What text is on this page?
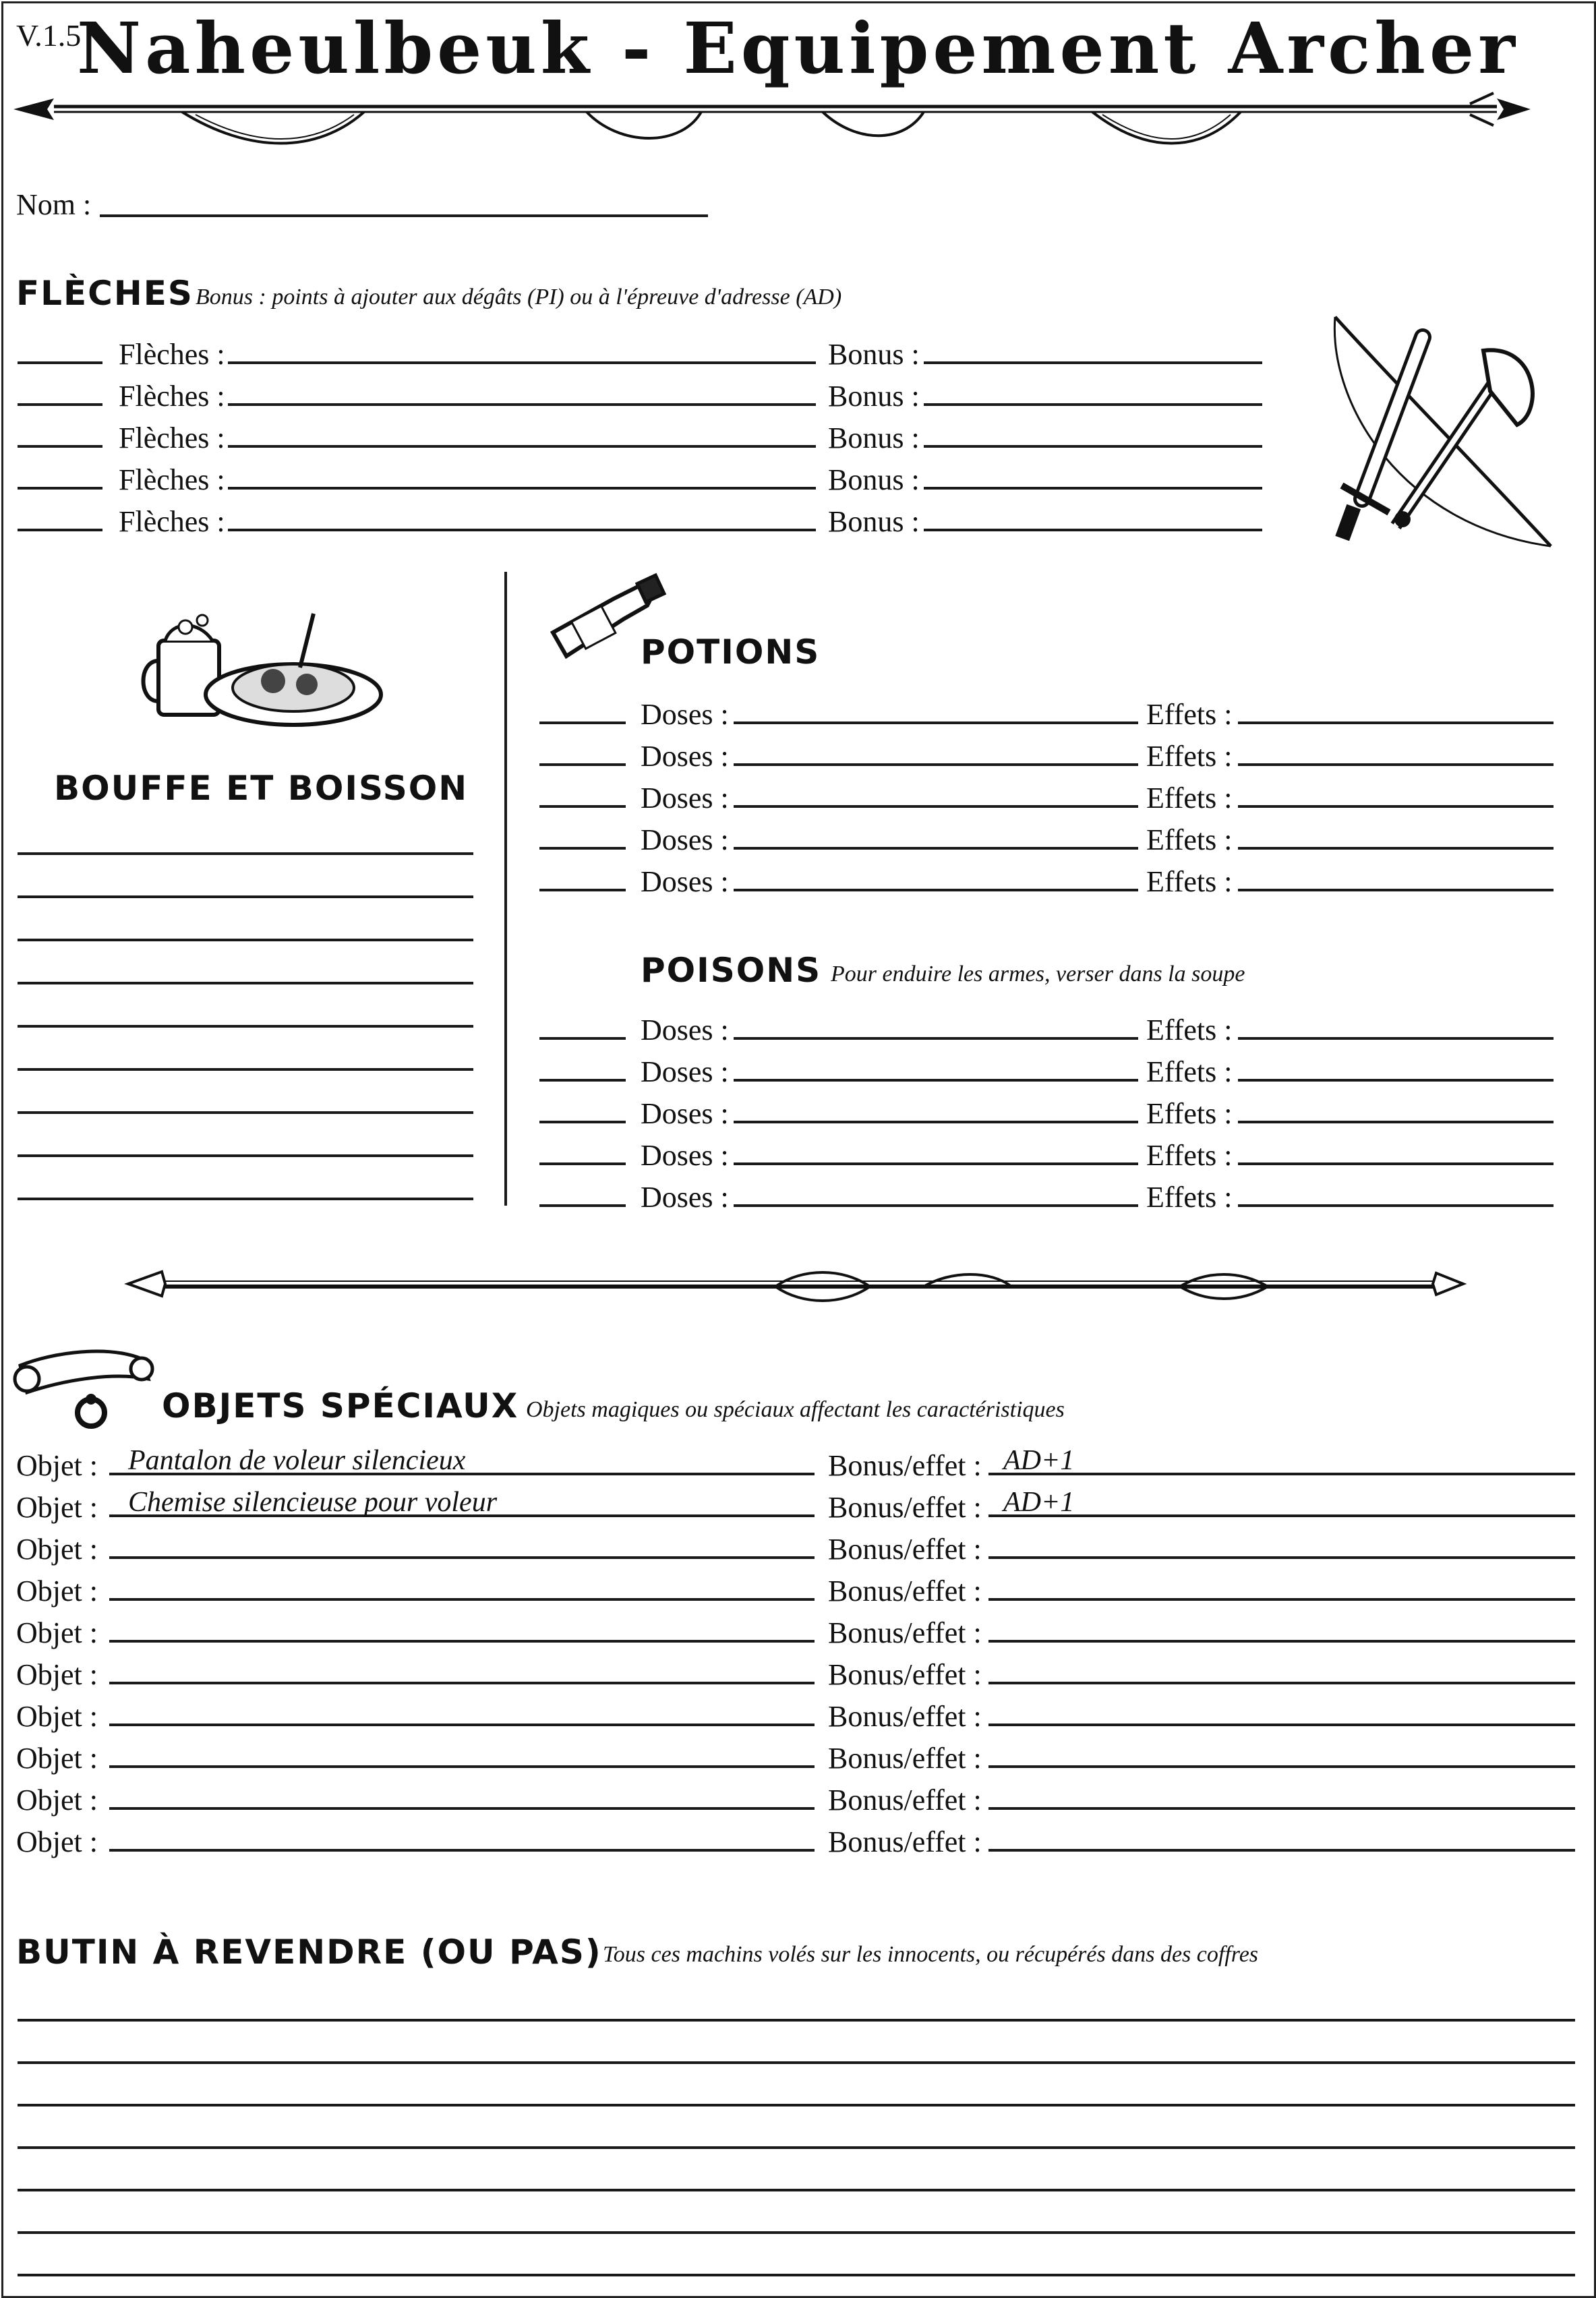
V.1.5
Naheulbeuk - Equipement Archer
Nom :
FLÈCHES Bonus : points à ajouter aux dégâts (PI) ou à l'épreuve d'adresse (AD)
Flèches :	Bonus :
Flèches :	Bonus :
Flèches :	Bonus :
Flèches :	Bonus :
Flèches :	Bonus :
BOUFFE ET BOISSON
POTIONS
Doses :	Effets :
Doses :	Effets :
Doses :	Effets :
Doses :	Effets :
Doses :	Effets :
POISONS Pour enduire les armes, verser dans la soupe
Doses :	Effets :
Doses :	Effets :
Doses :	Effets :
Doses :	Effets :
Doses :	Effets :
OBJETS SPÉCIAUX Objets magiques ou spéciaux affectant les caractéristiques
Objet : Pantalon de voleur silencieux	Bonus/effet : AD+1
Objet : Chemise silencieuse pour voleur	Bonus/effet : AD+1
Objet :	Bonus/effet :
Objet :	Bonus/effet :
Objet :	Bonus/effet :
Objet :	Bonus/effet :
Objet :	Bonus/effet :
Objet :	Bonus/effet :
Objet :	Bonus/effet :
Objet :	Bonus/effet :
BUTIN À REVENDRE (OU PAS) Tous ces machins volés sur les innocents, ou récupérés dans des coffres
